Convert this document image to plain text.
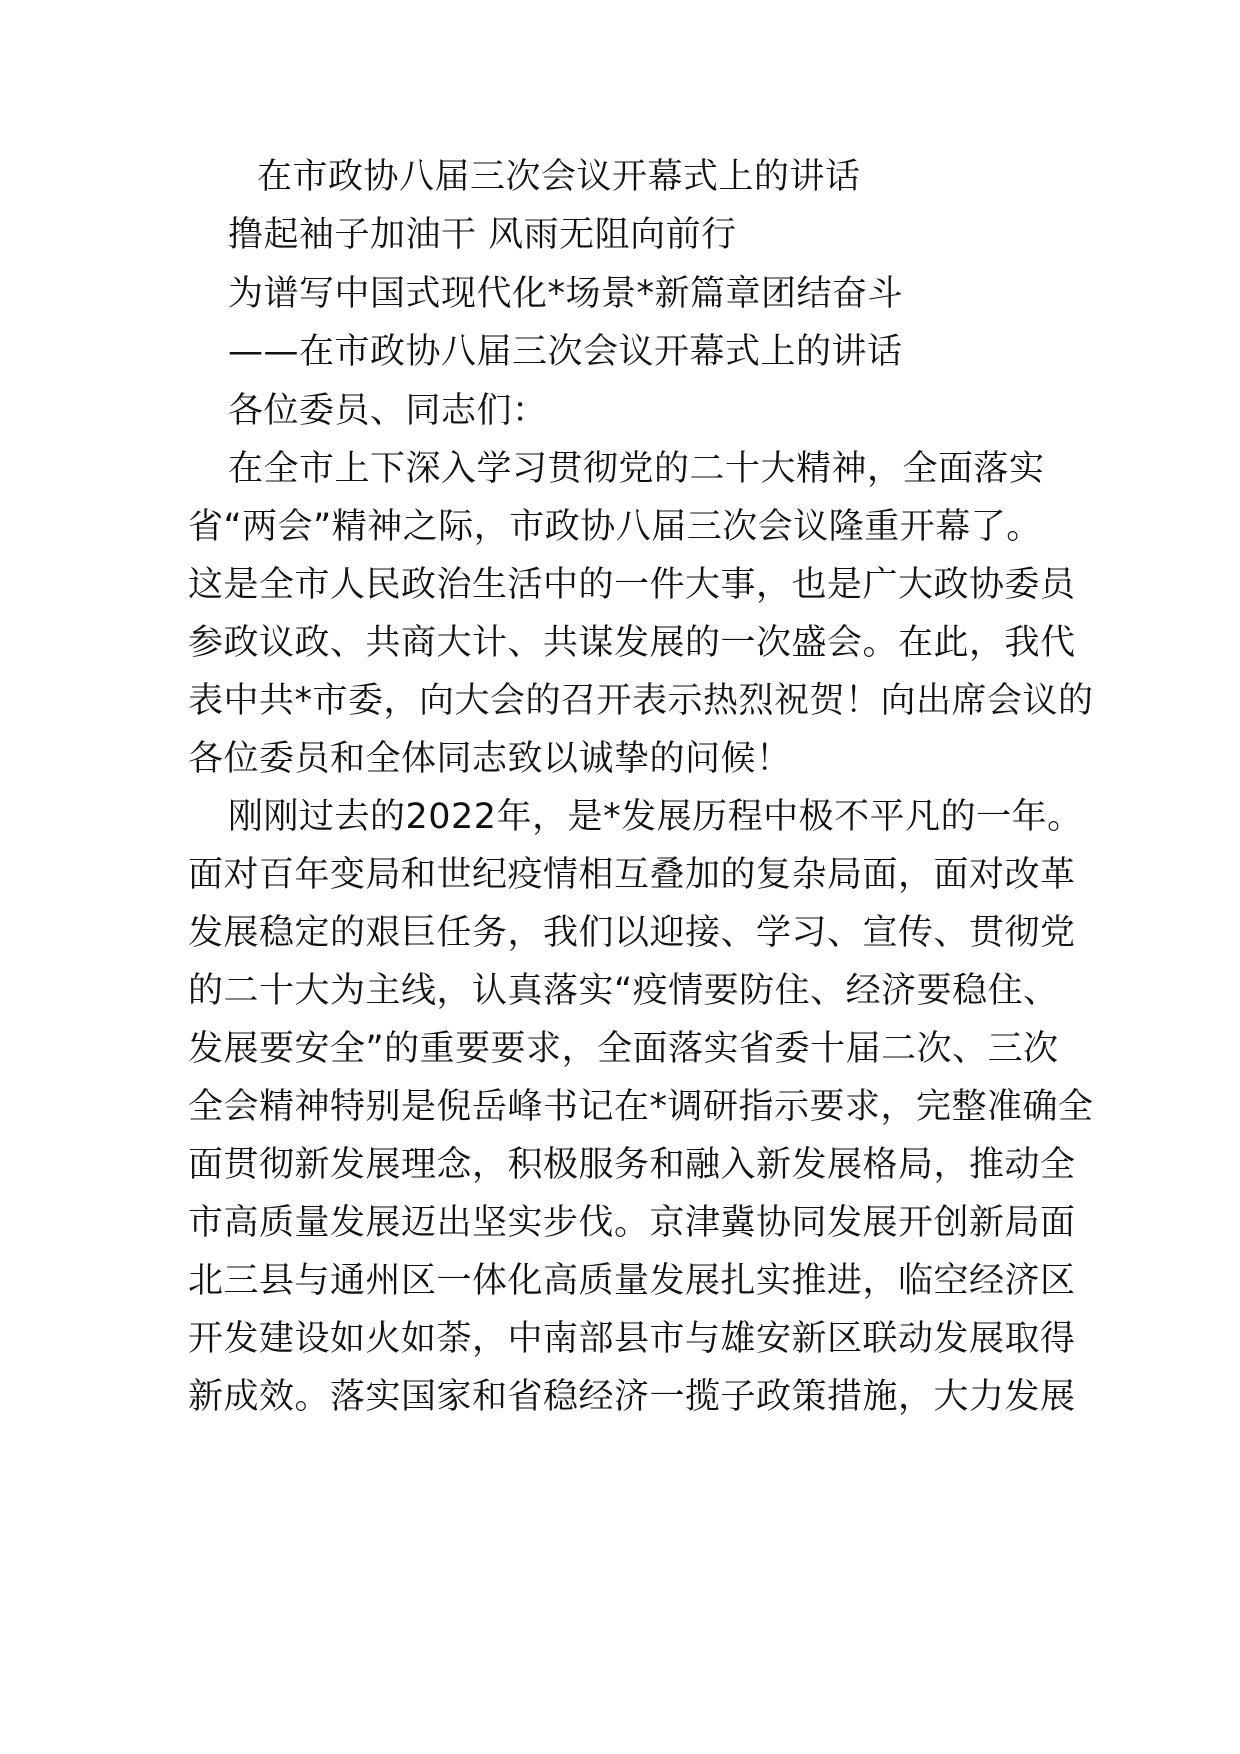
在市政协八届三次会议开幕式上的讲话
撸起袖子加油干 风雨无阻向前行
为谱写中国式现代化*场景*新篇章团结奋斗
——在市政协八届三次会议开幕式上的讲话
各位委员、同志们：
在全市上下深入学习贯彻党的二十大精神，全面落实
省“两会”精神之际，市政协八届三次会议隆重开幕了。
这是全市人民政治生活中的一件大事，也是广大政协委员
参政议政、共商大计、共谋发展的一次盛会。在此，我代
表中共*市委，向大会的召开表示热烈祝贺！向出席会议的
各位委员和全体同志致以诚挚的问候！
刚刚过去的2022年，是*发展历程中极不平凡的一年。
面对百年变局和世纪疫情相互叠加的复杂局面，面对改革
发展稳定的艰巨任务，我们以迎接、学习、宣传、贯彻党
的二十大为主线，认真落实“疫情要防住、经济要稳住、
发展要安全”的重要要求，全面落实省委十届二次、三次
全会精神特别是倪岳峰书记在*调研指示要求，完整准确全
面贯彻新发展理念，积极服务和融入新发展格局，推动全
市高质量发展迈出坚实步伐。京津冀协同发展开创新局面
北三县与通州区一体化高质量发展扎实推进，临空经济区
开发建设如火如荼，中南部县市与雄安新区联动发展取得
新成效。落实国家和省稳经济一揽子政策措施，大力发展
